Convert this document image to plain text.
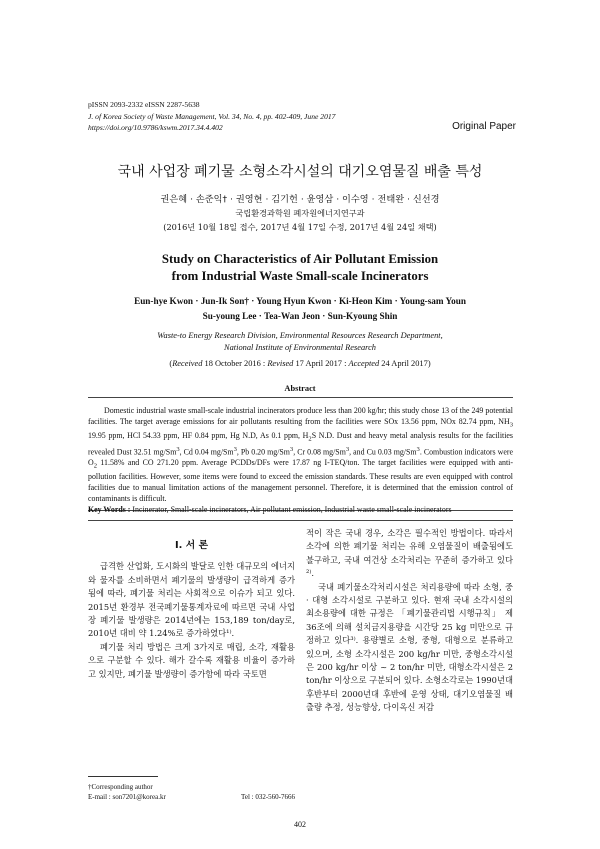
pISSN 2093-2332 eISSN 2287-5638
J. of Korea Society of Waste Management, Vol. 34, No. 4, pp. 402-409, June 2017
https://doi.org/10.9786/kswm.2017.34.4.402	Original Paper
국내 사업장 폐기물 소형소각시설의 대기오염물질 배출 특성
권은혜 · 손준익† · 권영현 · 김기헌 · 윤영삼 · 이수영 · 전태완 · 신선경
국립환경과학원 폐자원에너지연구과
(2016년 10월 18일 접수, 2017년 4월 17일 수정, 2017년 4월 24일 채택)
Study on Characteristics of Air Pollutant Emission
from Industrial Waste Small-scale Incinerators
Eun-hye Kwon · Jun-Ik Son† · Young Hyun Kwon · Ki-Heon Kim · Young-sam Youn
Su-young Lee · Tea-Wan Jeon · Sun-Kyoung Shin
Waste-to Energy Research Division, Environmental Resources Research Department,
National Institute of Environmental Research
(Received 18 October 2016 : Revised 17 April 2017 : Accepted 24 April 2017)
Abstract

Domestic industrial waste small-scale industrial incinerators produce less than 200 kg/hr; this study chose 13 of the 249 potential facilities. The target average emissions for air pollutants resulting from the facilities were SOx 13.56 ppm, NOx 82.74 ppm, $NH_3$ 19.95 ppm, HCl 54.33 ppm, HF 0.84 ppm, Hg N.D, As 0.1 ppm, $H_2S$ N.D. Dust and heavy metal analysis results for the facilities revealed Dust 32.51 mg/Sm$^3$, Cd 0.04 mg/Sm$^3$, Pb 0.20 mg/Sm$^3$, Cr 0.08 mg/Sm$^3$, and Cu 0.03 mg/Sm$^3$. Combustion indicators were $O_2$ 11.58% and CO 271.20 ppm. Average PCDDs/DFs were 17.87 ng I-TEQ/ton. The target facilities were equipped with anti-pollution facilities. However, some items were found to exceed the emission standards. These results are even equipped with control facilities due to manual limitation actions of the management personnel. Therefore, it is determined that the emission control of contaminants is difficult.

Key Words : Incinerator, Small-scale incinerators, Air pollutant emission, Industrial waste small-scale incinerators

I. 서 론

급격한 산업화, 도시화의 발달로 인한 대규모의 에너지와 물자를 소비하면서 폐기물의 발생량이 급격하게 증가됨에 따라, 폐기물 처리는 사회적으로 이슈가 되고 있다. 2015년 환경부 전국폐기물통계자료에 따르면 국내 사업장 폐기물 발생량은 2014년에는 153,189 ton/day로, 2010년 대비 약 1.24%로 증가하였다¹⁾.

폐기물 처리 방법은 크게 3가지로 매립, 소각, 재활용으로 구분할 수 있다. 해가 갈수록 재활용 비율이 증가하고 있지만, 폐기물 발생량이 증가함에 따라 국토면

적이 작은 국내 경우, 소각은 필수적인 방법이다. 따라서 소각에 의한 폐기물 처리는 유해 오염물질이 배출됨에도 불구하고, 국내 여건상 소각처리는 꾸준히 증가하고 있다²⁾.

국내 폐기물소각처리시설은 처리용량에 따라 소형, 중 · 대형 소각시설로 구분하고 있다. 현재 국내 소각시설의 최소용량에 대한 규정은 「폐기물관리법 시행규칙」 제 36조에 의해 설치금지용량을 시간당 25 kg 미만으로 규정하고 있다³⁾. 용량별로 소형, 중형, 대형으로 분류하고 있으며, 소형 소각시설은 200 kg/hr 미만, 중형소각시설은 200 kg/hr 이상 ~ 2 ton/hr 미만, 대형소각시설은 2 ton/hr 이상으로 구분되어 있다. 소형소각로는 1990년대 후반부터 2000년대 후반에 운영 상태, 대기오염물질 배출량 추정, 성능향상, 다이옥신 저감

†Corresponding author
E-mail : son7201@korea.kr	Tel : 032-560-7666
402
